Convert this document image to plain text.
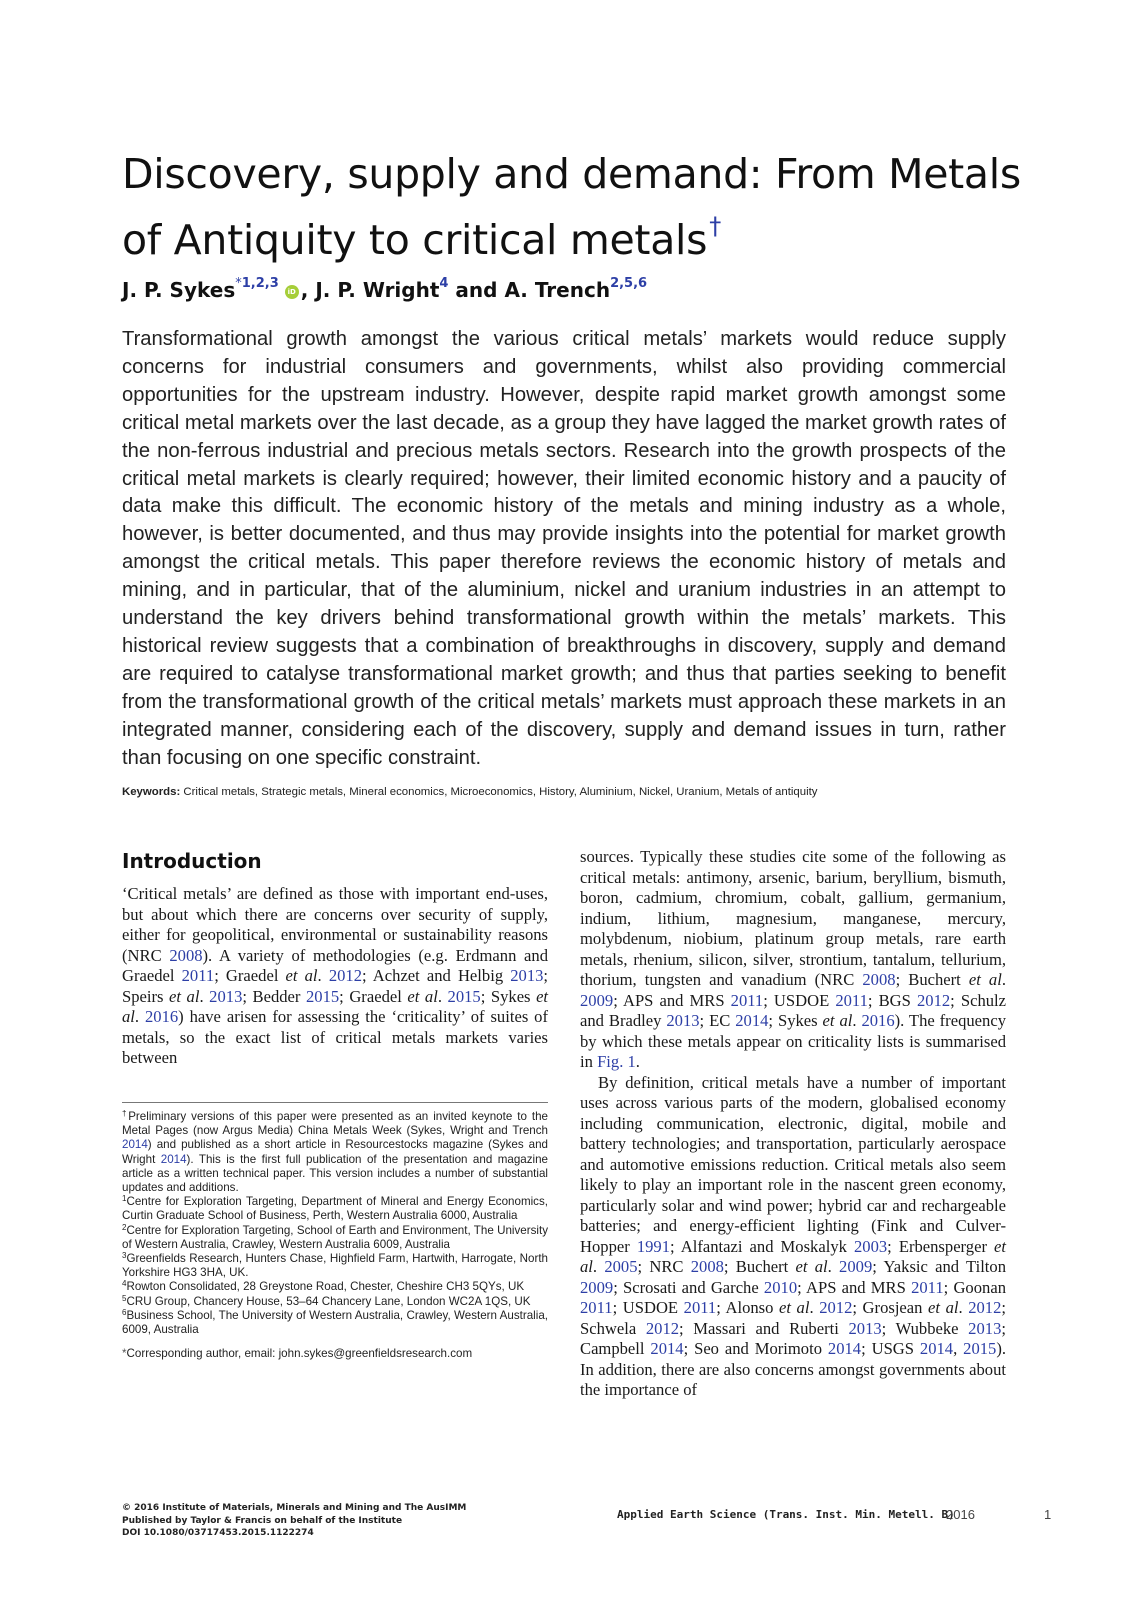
Discovery, supply and demand: From Metals of Antiquity to critical metals†

J. P. Sykes$^{*1,2,3}$iD , J. P. Wright$^4$ and A. Trench$^{2,5,6}$

Transformational growth amongst the various critical metals’ markets would reduce supply concerns for industrial consumers and governments, whilst also providing commercial opportunities for the upstream industry. However, despite rapid market growth amongst some critical metal markets over the last decade, as a group they have lagged the market growth rates of the non-ferrous industrial and precious metals sectors. Research into the growth prospects of the critical metal markets is clearly required; however, their limited economic history and a paucity of data make this difficult. The economic history of the metals and mining industry as a whole, however, is better documented, and thus may provide insights into the potential for market growth amongst the critical metals. This paper therefore reviews the economic history of metals and mining, and in particular, that of the aluminium, nickel and uranium industries in an attempt to understand the key drivers behind transformational growth within the metals’ markets. This historical review suggests that a combination of breakthroughs in discovery, supply and demand are required to catalyse transformational market growth; and thus that parties seeking to benefit from the transformational growth of the critical metals’ markets must approach these markets in an integrated manner, considering each of the discovery, supply and demand issues in turn, rather than focusing on one specific constraint.

Keywords: Critical metals, Strategic metals, Mineral economics, Microeconomics, History, Aluminium, Nickel, Uranium, Metals of antiquity

Introduction

‘Critical metals’ are defined as those with important end-uses, but about which there are concerns over security of supply, either for geopolitical, environmental or sustainability reasons (NRC 2008). A variety of methodologies (e.g. Erdmann and Graedel 2011; Graedel et al. 2012; Achzet and Helbig 2013; Speirs et al. 2013; Bedder 2015; Graedel et al. 2015; Sykes et al. 2016) have arisen for assessing the ‘criticality’ of suites of metals, so the exact list of critical metals markets varies between

sources. Typically these studies cite some of the following as critical metals: antimony, arsenic, barium, beryllium, bismuth, boron, cadmium, chromium, cobalt, gallium, germanium, indium, lithium, magnesium, manganese, mercury, molybdenum, niobium, platinum group metals, rare earth metals, rhenium, silicon, silver, strontium, tantalum, tellurium, thorium, tungsten and vanadium (NRC 2008; Buchert et al. 2009; APS and MRS 2011; USDOE 2011; BGS 2012; Schulz and Bradley 2013; EC 2014; Sykes et al. 2016). The frequency by which these metals appear on criticality lists is summarised in Fig. 1.

By definition, critical metals have a number of important uses across various parts of the modern, globalised economy including communication, electronic, digital, mobile and battery technologies; and transportation, particularly aerospace and automotive emissions reduction. Critical metals also seem likely to play an important role in the nascent green economy, particularly solar and wind power; hybrid car and rechargeable batteries; and energy-efficient lighting (Fink and Culver-Hopper 1991; Alfantazi and Moskalyk 2003; Erbensperger et al. 2005; NRC 2008; Buchert et al. 2009; Yaksic and Tilton 2009; Scrosati and Garche 2010; APS and MRS 2011; Goonan 2011; USDOE 2011; Alonso et al. 2012; Grosjean et al. 2012; Schwela 2012; Massari and Ruberti 2013; Wubbeke 2013; Campbell 2014; Seo and Morimoto 2014; USGS 2014, 2015). In addition, there are also concerns amongst governments about the importance of

†Preliminary versions of this paper were presented as an invited keynote to the Metal Pages (now Argus Media) China Metals Week (Sykes, Wright and Trench 2014) and published as a short article in Resourcestocks magazine (Sykes and Wright 2014). This is the first full publication of the presentation and magazine article as a written technical paper. This version includes a number of substantial updates and additions.

$^1$Centre for Exploration Targeting, Department of Mineral and Energy Economics, Curtin Graduate School of Business, Perth, Western Australia 6000, Australia

$^2$Centre for Exploration Targeting, School of Earth and Environment, The University of Western Australia, Crawley, Western Australia 6009, Australia

$^3$Greenfields Research, Hunters Chase, Highfield Farm, Hartwith, Harrogate, North Yorkshire HG3 3HA, UK.

$^4$Rowton Consolidated, 28 Greystone Road, Chester, Cheshire CH3 5QYs, UK

$^5$CRU Group, Chancery House, 53–64 Chancery Lane, London WC2A 1QS, UK

$^6$Business School, The University of Western Australia, Crawley, Western Australia, 6009, Australia

*Corresponding author, email: john.sykes@greenfieldsresearch.com

© 2016 Institute of Materials, Minerals and Mining and The AusIMM
Published by Taylor & Francis on behalf of the Institute
DOI 10.1080/03717453.2015.1122274
Applied Earth Science (Trans. Inst. Min. Metell. B)
2016	1
